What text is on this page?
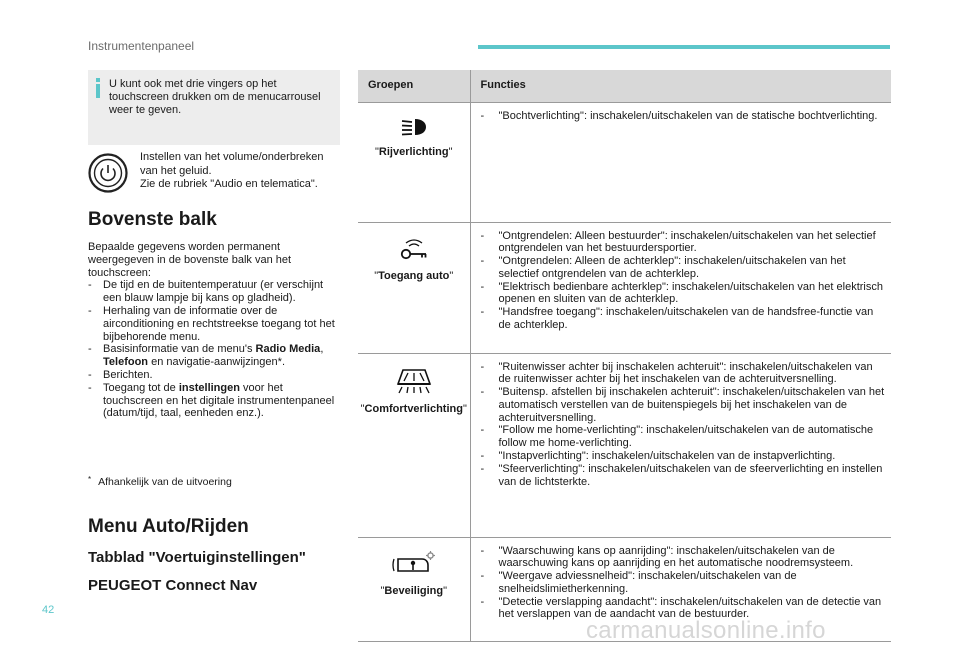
Instrumentenpaneel
U kunt ook met drie vingers op het touchscreen drukken om de menucarrousel weer te geven.
Instellen van het volume/onderbreken van het geluid.
Zie de rubriek "Audio en telematica".
Bovenste balk
Bepaalde gegevens worden permanent weergegeven in de bovenste balk van het touchscreen:
- De tijd en de buitentemperatuur (er verschijnt een blauw lampje bij kans op gladheid).
- Herhaling van de informatie over de airconditioning en rechtstreekse toegang tot het bijbehorende menu.
- Basisinformatie van de menu's Radio Media, Telefoon en navigatie-aanwijzingen*.
- Berichten.
- Toegang tot de instellingen voor het touchscreen en het digitale instrumentenpaneel (datum/tijd, taal, eenheden enz.).
* Afhankelijk van de uitvoering
Menu Auto/Rijden
Tabblad "Voertuiginstellingen"
PEUGEOT Connect Nav
Groepen	Functies

"Rijverlichting"	- "Bochtverlichting": inschakelen/uitschakelen van de statische bochtverlichting.

"Toegang auto"	- "Ontgrendelen: Alleen bestuurder": inschakelen/uitschakelen van het selectief ontgrendelen van het bestuurdersportier.
- "Ontgrendelen: Alleen de achterklep": inschakelen/uitschakelen van het selectief ontgrendelen van de achterklep.
- "Elektrisch bedienbare achterklep": inschakelen/uitschakelen van het elektrisch openen en sluiten van de achterklep.
- "Handsfree toegang": inschakelen/uitschakelen van de handsfree-functie van de achterklep.

"Comfortverlichting"	- "Ruitenwisser achter bij inschakelen achteruit": inschakelen/uitschakelen van de ruitenwisser achter bij het inschakelen van de achteruitversnelling.
- "Buitensp. afstellen bij inschakelen achteruit": inschakelen/uitschakelen van het automatisch verstellen van de buitenspiegels bij het inschakelen van de achteruitversnelling.
- "Follow me home-verlichting": inschakelen/uitschakelen van de automatische follow me home-verlichting.
- "Instapverlichting": inschakelen/uitschakelen van de instapverlichting.
- "Sfeerverlichting": inschakelen/uitschakelen van de sfeerverlichting en instellen van de lichtsterkte.

"Beveiliging"	- "Waarschuwing kans op aanrijding": inschakelen/uitschakelen van de waarschuwing kans op aanrijding en het automatische noodremsysteem.
- "Weergave adviessnelheid": inschakelen/uitschakelen van de snelheidslimietherkenning.
- "Detectie verslapping aandacht": inschakelen/uitschakelen van de detectie van het verslappen van de aandacht van de bestuurder.
42
carmanualsonline.info
